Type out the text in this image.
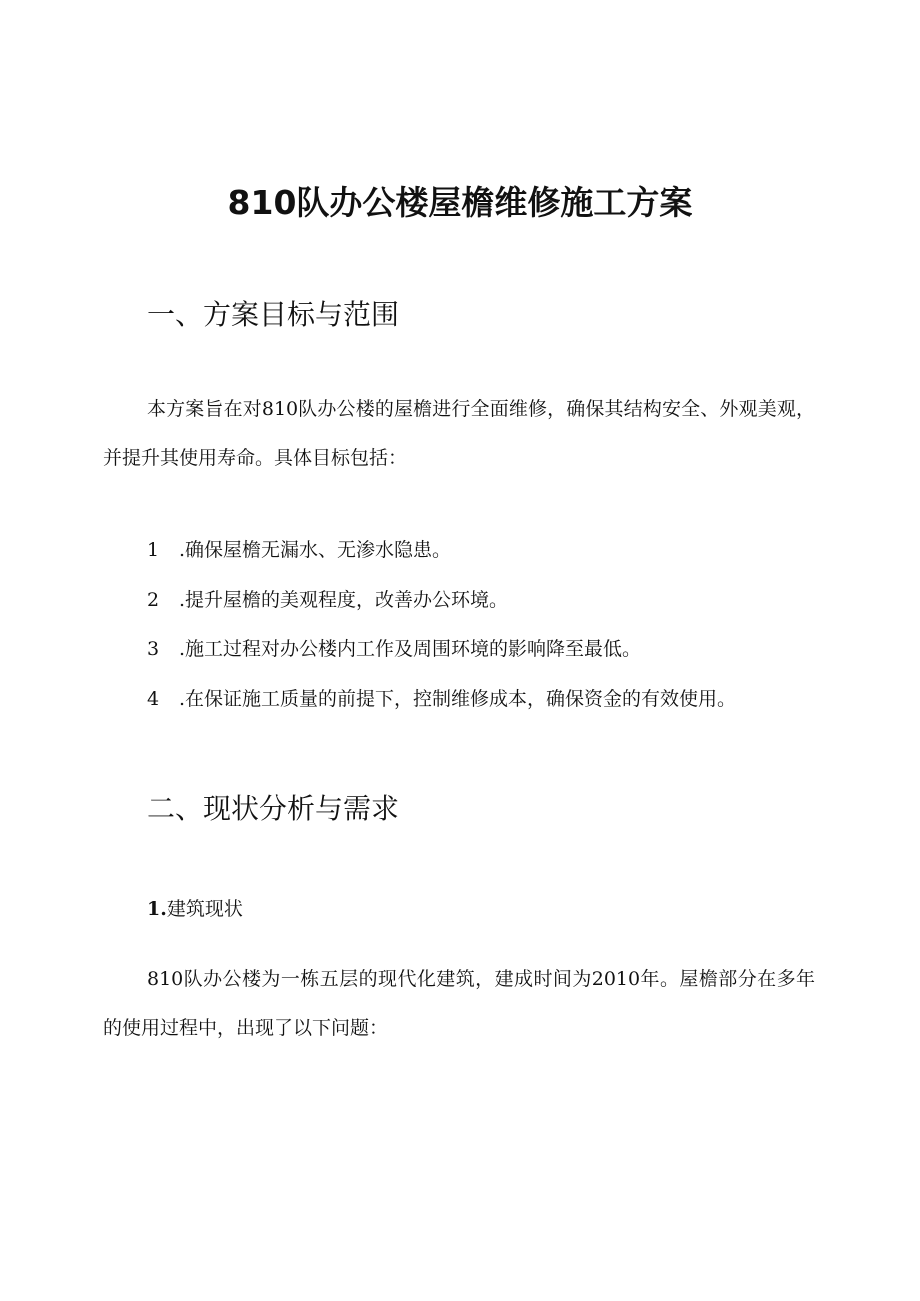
810队办公楼屋檐维修施工方案
一、方案目标与范围

本方案旨在对810队办公楼的屋檐进行全面维修，确保其结构安全、外观美观，并提升其使用寿命。具体目标包括：

1 .确保屋檐无漏水、无渗水隐患。
2 .提升屋檐的美观程度，改善办公环境。
3 .施工过程对办公楼内工作及周围环境的影响降至最低。
4 .在保证施工质量的前提下，控制维修成本，确保资金的有效使用。
二、现状分析与需求
1.建筑现状

810队办公楼为一栋五层的现代化建筑，建成时间为2010年。屋檐部分在多年的使用过程中，出现了以下问题：
